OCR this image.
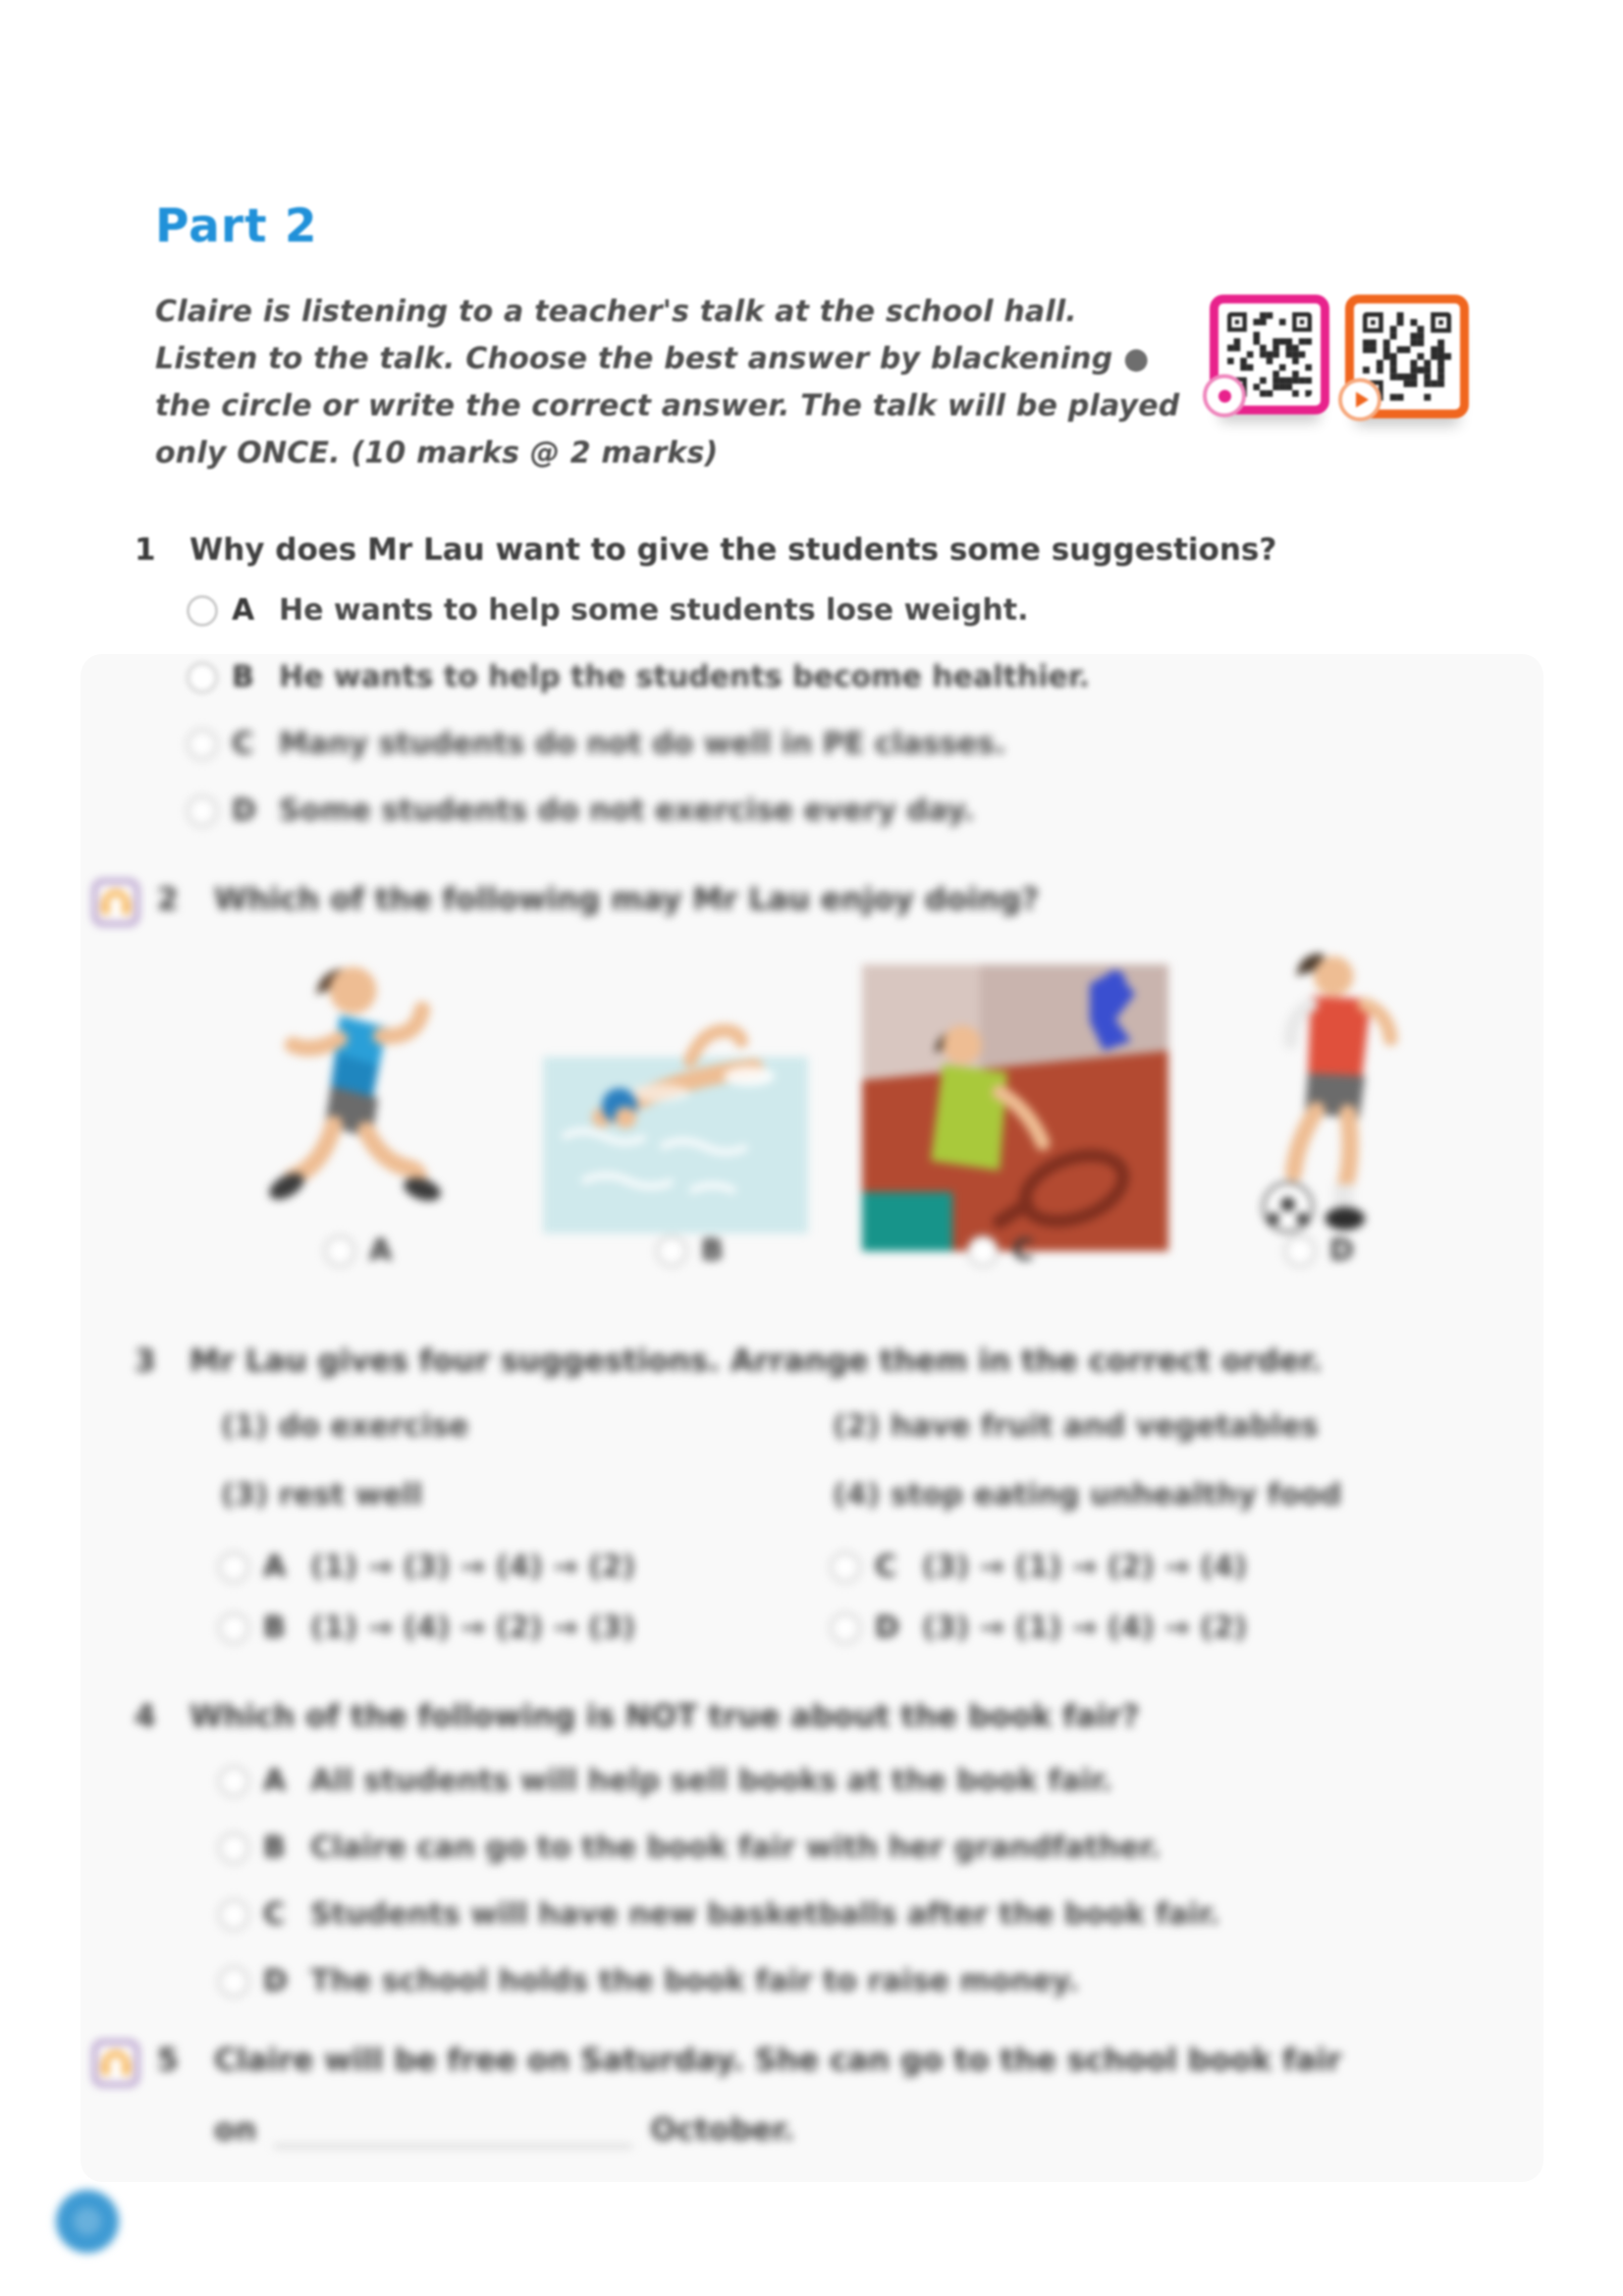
Part 2
Claire is listening to a teacher's talk at the school hall.
Listen to the talk. Choose the best answer by blackening ●
the circle or write the correct answer. The talk will be played
only ONCE. (10 marks @ 2 marks)
1 Why does Mr Lau want to give the students some suggestions?
A He wants to help some students lose weight.
B He wants to help the students become healthier.
C Many students do not do well in PE classes.
D Some students do not exercise every day.
2 Which of the following may Mr Lau enjoy doing?
A	B	C	D
3 Mr Lau gives four suggestions. Arrange them in the correct order.
(1) do exercise	(2) have fruit and vegetables
(3) rest well	(4) stop eating unhealthy food
A (1) → (3) → (4) → (2)	C (3) → (1) → (2) → (4)
B (1) → (4) → (2) → (3)	D (3) → (1) → (4) → (2)
4 Which of the following is NOT true about the book fair?
A All students will help sell books at the book fair.
B Claire can go to the book fair with her grandfather.
C Students will have new basketballs after the book fair.
D The school holds the book fair to raise money.
5 Claire will be free on Saturday. She can go to the school book fair
on	October.
